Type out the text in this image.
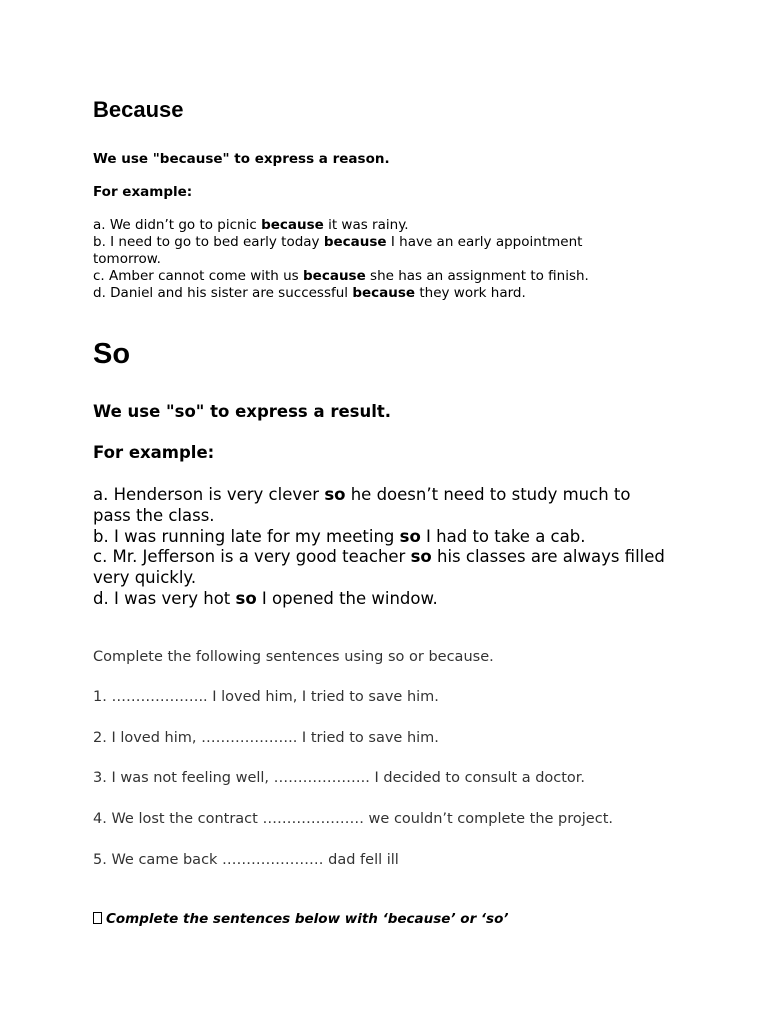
Because

We use "because" to express a reason.

For example:

a. We didn’t go to picnic because it was rainy.
b. I need to go to bed early today because I have an early appointment tomorrow.
c. Amber cannot come with us because she has an assignment to finish.
d. Daniel and his sister are successful because they work hard.
So

We use "so" to express a result.

For example:

a. Henderson is very clever so he doesn’t need to study much to pass the class.
b. I was running late for my meeting so I had to take a cab.
c. Mr. Jefferson is a very good teacher so his classes are always filled very quickly.
d. I was very hot so I opened the window.

Complete the following sentences using so or because.

1. ……………….. I loved him, I tried to save him.

2. I loved him, ……………….. I tried to save him.

3. I was not feeling well, ……………….. I decided to consult a doctor.

4. We lost the contract ………………… we couldn’t complete the project.

5. We came back ………………… dad fell ill

Complete the sentences below with ‘because’ or ‘so’
